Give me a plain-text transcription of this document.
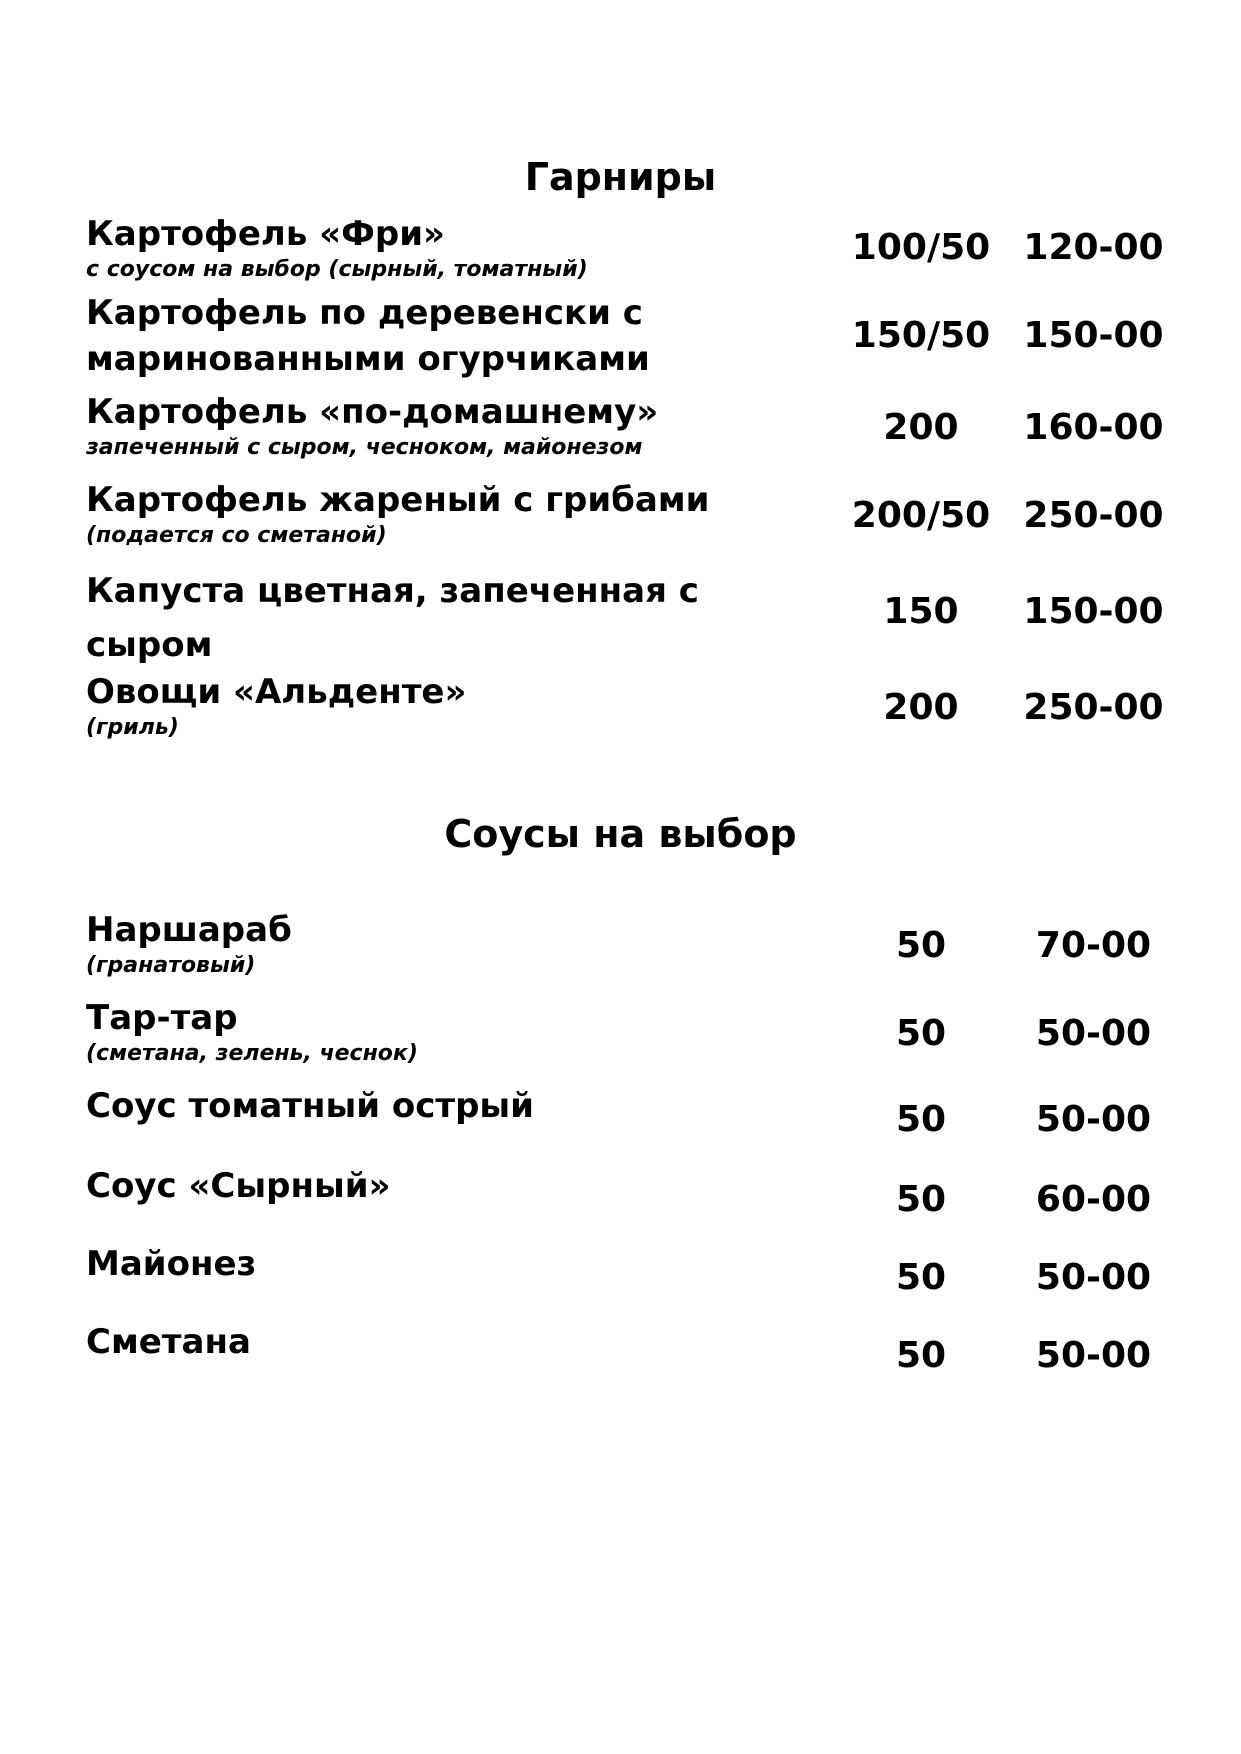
Гарниры
Картофель «Фри»
с соусом на выбор (сырный, томатный)
100/50 120-00
Картофель по деревенски с маринованными огурчиками
150/50 150-00
Картофель «по-домашнему»
запеченный с сыром, чесноком, майонезом	200	160-00
Картофель жареный с грибами
(подается со сметаной)	200/50 250-00
Капуста цветная, запеченная с сыром
150	150-00
Овощи «Альденте»
(гриль)	200	250-00
Соусы на выбор
Наршараб
(гранатовый)	50	70-00
Тар-тар
(сметана, зелень, чеснок)	50	50-00
Соус томатный острый	50	50-00
Соус «Сырный»	50	60-00
Майонез	50	50-00
Сметана	50	50-00
